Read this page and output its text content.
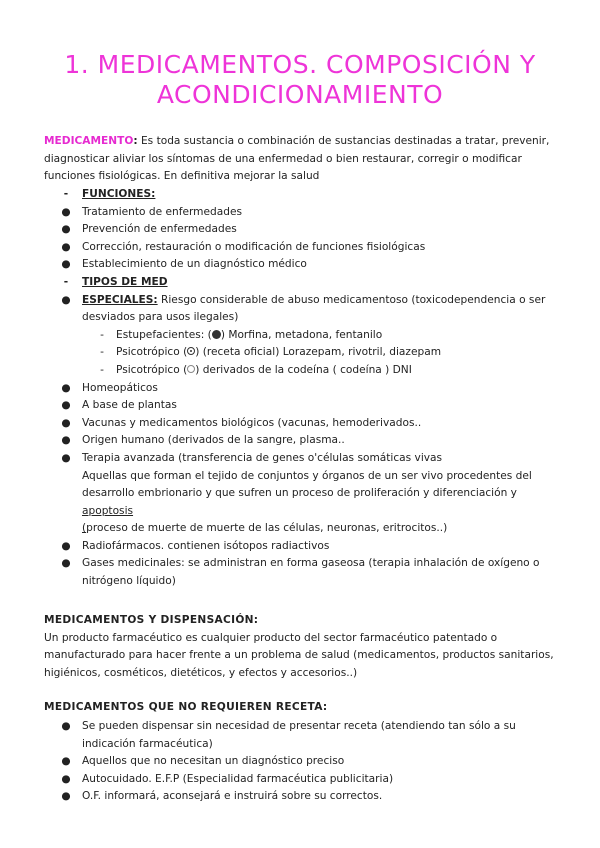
1. MEDICAMENTOS. COMPOSICIÓN Y
ACONDICIONAMIENTO
MEDICAMENTO: Es toda sustancia o combinación de sustancias destinadas a tratar, prevenir, diagnosticar aliviar los síntomas de una enfermedad o bien restaurar, corregir o modificar funciones fisiológicas. En definitiva mejorar la salud
-	FUNCIONES:
● Tratamiento de enfermedades
● Prevención de enfermedades
● Corrección, restauración o modificación de funciones fisiológicas
● Establecimiento de un diagnóstico médico
-	TIPOS DE MED
● ESPECIALES: Riesgo considerable de abuso medicamentoso (toxicodependencia o ser desviados para usos ilegales)
-	Estupefacientes: ( ) Morfina, metadona, fentanilo
-	Psicotrópico ( ) (receta oficial) Lorazepam, rivotril, diazepam
-	Psicotrópico ( ) derivados de la codeína ( codeína ) DNI
● Homeopáticos
● A base de plantas
● Vacunas y medicamentos biológicos (vacunas, hemoderivados..
● Origen humano (derivados de la sangre, plasma..
● Terapia avanzada (transferencia de genes o'células somáticas vivas
Aquellas que forman el tejido de conjuntos y órganos de un ser vivo procedentes del desarrollo embrionario y que sufren un proceso de proliferación y diferenciación y apoptosis
(proceso de muerte de muerte de las células, neuronas, eritrocitos..)
● Radiofármacos. contienen isótopos radiactivos
● Gases medicinales: se administran en forma gaseosa (terapia inhalación de oxígeno o nitrógeno líquido)
MEDICAMENTOS Y DISPENSACIÓN:
Un producto farmacéutico es cualquier producto del sector farmacéutico patentado o manufacturado para hacer frente a un problema de salud (medicamentos, productos sanitarios, higiénicos, cosméticos, dietéticos, y efectos y accesorios..)
MEDICAMENTOS QUE NO REQUIEREN RECETA:
● Se pueden dispensar sin necesidad de presentar receta (atendiendo tan sólo a su indicación farmacéutica)
● Aquellos que no necesitan un diagnóstico preciso
● Autocuidado. E.F.P (Especialidad farmacéutica publicitaria)
● O.F. informará, aconsejará e instruirá sobre su correctos.
